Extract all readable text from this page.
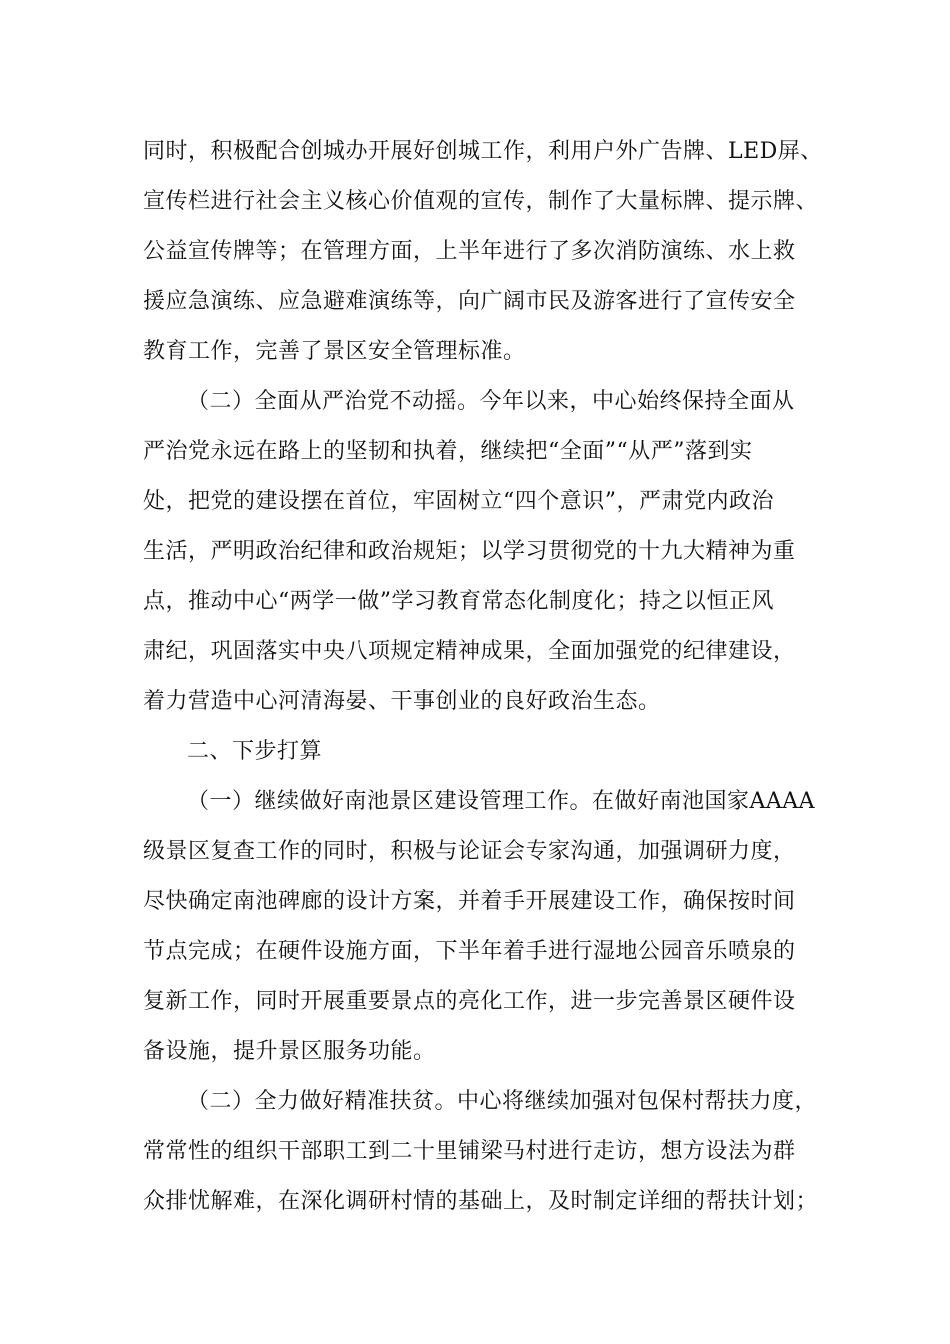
同时，积极配合创城办开展好创城工作，利用户外广告牌、LED屏、
宣传栏进行社会主义核心价值观的宣传，制作了大量标牌、提示牌、
公益宣传牌等；在管理方面，上半年进行了多次消防演练、水上救
援应急演练、应急避难演练等，向广阔市民及游客进行了宣传安全
教育工作，完善了景区安全管理标准。
（二）全面从严治党不动摇。今年以来，中心始终保持全面从
严治党永远在路上的坚韧和执着，继续把“全面”“从严”落到实
处，把党的建设摆在首位，牢固树立“四个意识”，严肃党内政治
生活，严明政治纪律和政治规矩；以学习贯彻党的十九大精神为重
点，推动中心“两学一做”学习教育常态化制度化；持之以恒正风
肃纪，巩固落实中央八项规定精神成果，全面加强党的纪律建设，
着力营造中心河清海晏、干事创业的良好政治生态。
二、下步打算
（一）继续做好南池景区建设管理工作。在做好南池国家AAAA
级景区复查工作的同时，积极与论证会专家沟通，加强调研力度，
尽快确定南池碑廊的设计方案，并着手开展建设工作，确保按时间
节点完成；在硬件设施方面，下半年着手进行湿地公园音乐喷泉的
复新工作，同时开展重要景点的亮化工作，进一步完善景区硬件设
备设施，提升景区服务功能。
（二）全力做好精准扶贫。中心将继续加强对包保村帮扶力度，
常常性的组织干部职工到二十里铺梁马村进行走访，想方设法为群
众排忧解难，在深化调研村情的基础上，及时制定详细的帮扶计划；
